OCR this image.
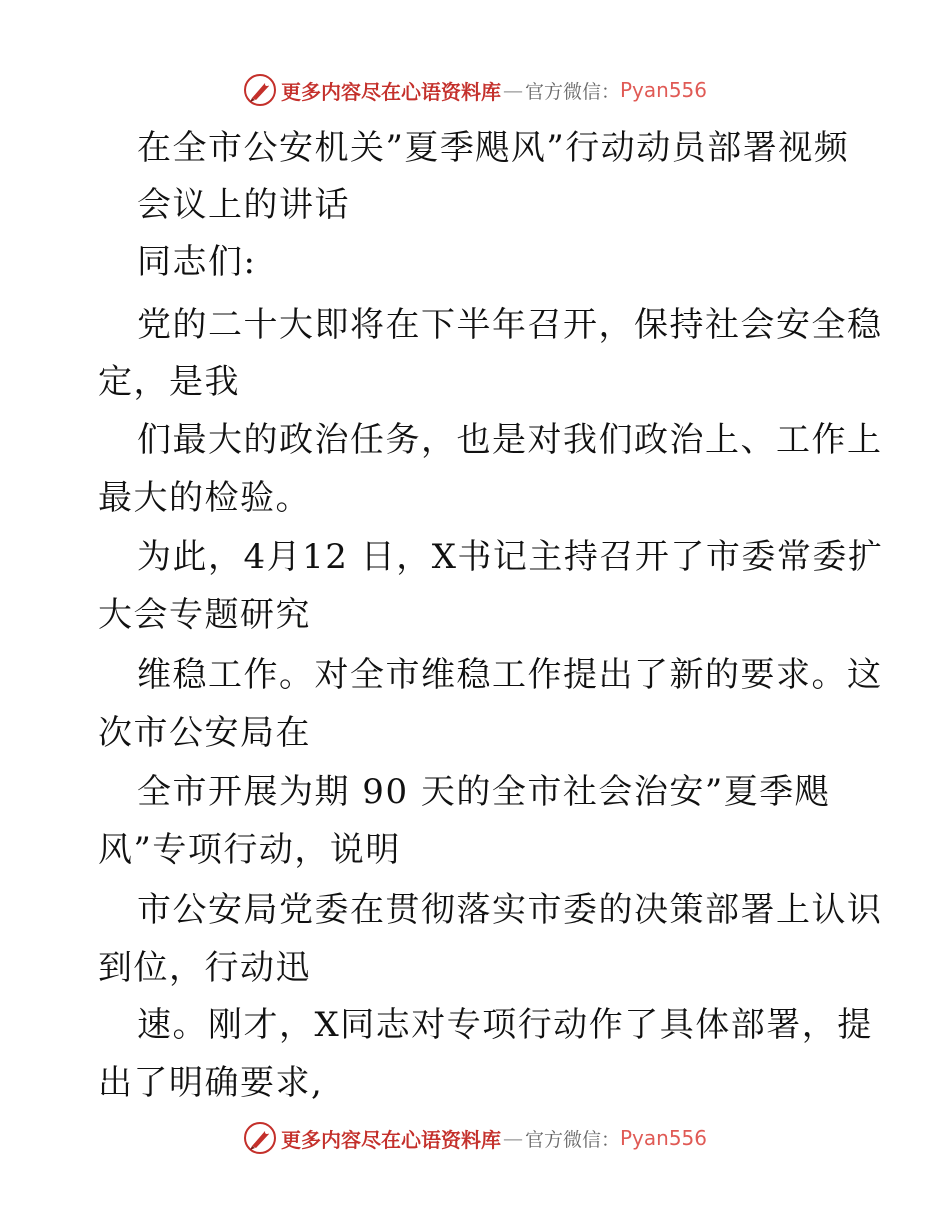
更多内容尽在心语资料库 — 官方微信： Pyan556
在全市公安机关”夏季飓风”行动动员部署视频
会议上的讲话
同志们:
党的二十大即将在下半年召开，保持社会安全稳
定，是我
们最大的政治任务，也是对我们政治上、工作上
最大的检验。
为此，4月12 日，X书记主持召开了市委常委扩
大会专题研究
维稳工作。对全市维稳工作提出了新的要求。这
次市公安局在
全市开展为期 90 天的全市社会治安”夏季飓
风”专项行动，说明
市公安局党委在贯彻落实市委的决策部署上认识
到位，行动迅
速。刚才，X同志对专项行动作了具体部署，提
出了明确要求,
更多内容尽在心语资料库 — 官方微信： Pyan556
